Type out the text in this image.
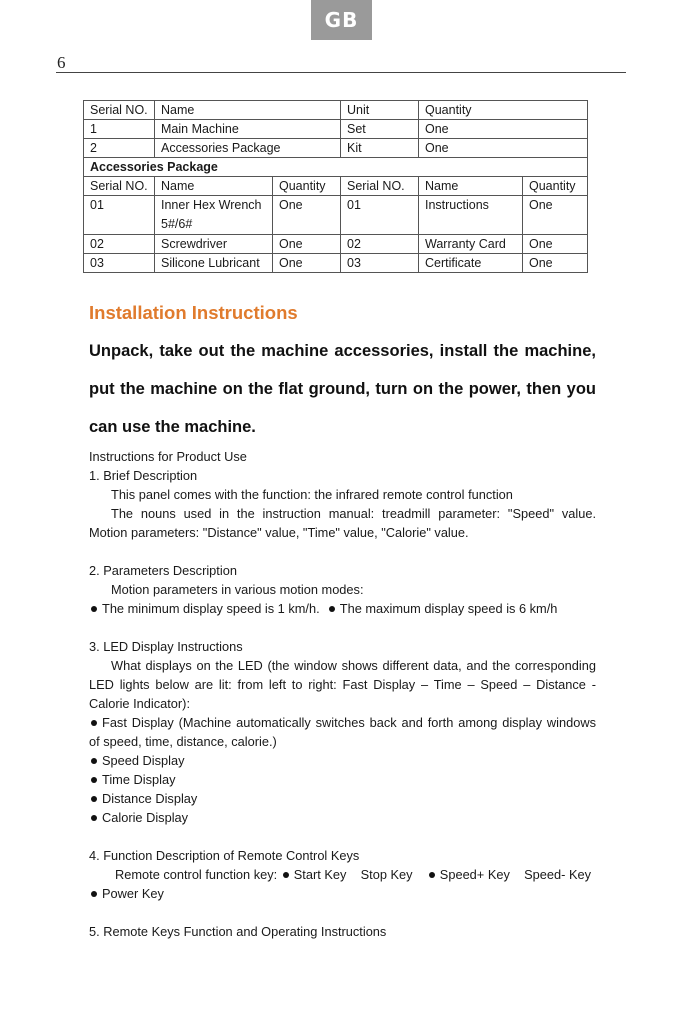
GB
6
Serial NO.	Name		Unit	Quantity	
1	Main Machine		Set	One	
2	Accessories Package		Kit	One	
Accessories Package					
Serial NO.	Name	Quantity	Serial NO.	Name	Quantity
01	Inner Hex Wrench 5#/6#	One	01	Instructions	One
02	Screwdriver	One	02	Warranty Card	One
03	Silicone Lubricant	One	03	Certificate	One
Installation Instructions
Unpack, take out the machine accessories, install the machine,
put the machine on the flat ground, turn on the power, then you
can use the machine.
Instructions for Product Use
1. Brief Description
This panel comes with the function: the infrared remote control function
The nouns used in the instruction manual: treadmill parameter: "Speed" value.
Motion parameters: "Distance" value, "Time" value, "Calorie" value.
2. Parameters Description
Motion parameters in various motion modes:
The minimum display speed is 1 km/h. The maximum display speed is 6 km/h
3. LED Display Instructions
What displays on the LED (the window shows different data, and the corresponding
LED lights below are lit: from left to right: Fast Display – Time – Speed – Distance -
Calorie Indicator):
Fast Display (Machine automatically switches back and forth among display windows
of speed, time, distance, calorie.)
Speed Display
Time Display
Distance Display
Calorie Display
4. Function Description of Remote Control Keys
Remote control function key: Start Key Stop Key Speed+ Key Speed- Key
Power Key
5. Remote Keys Function and Operating Instructions
